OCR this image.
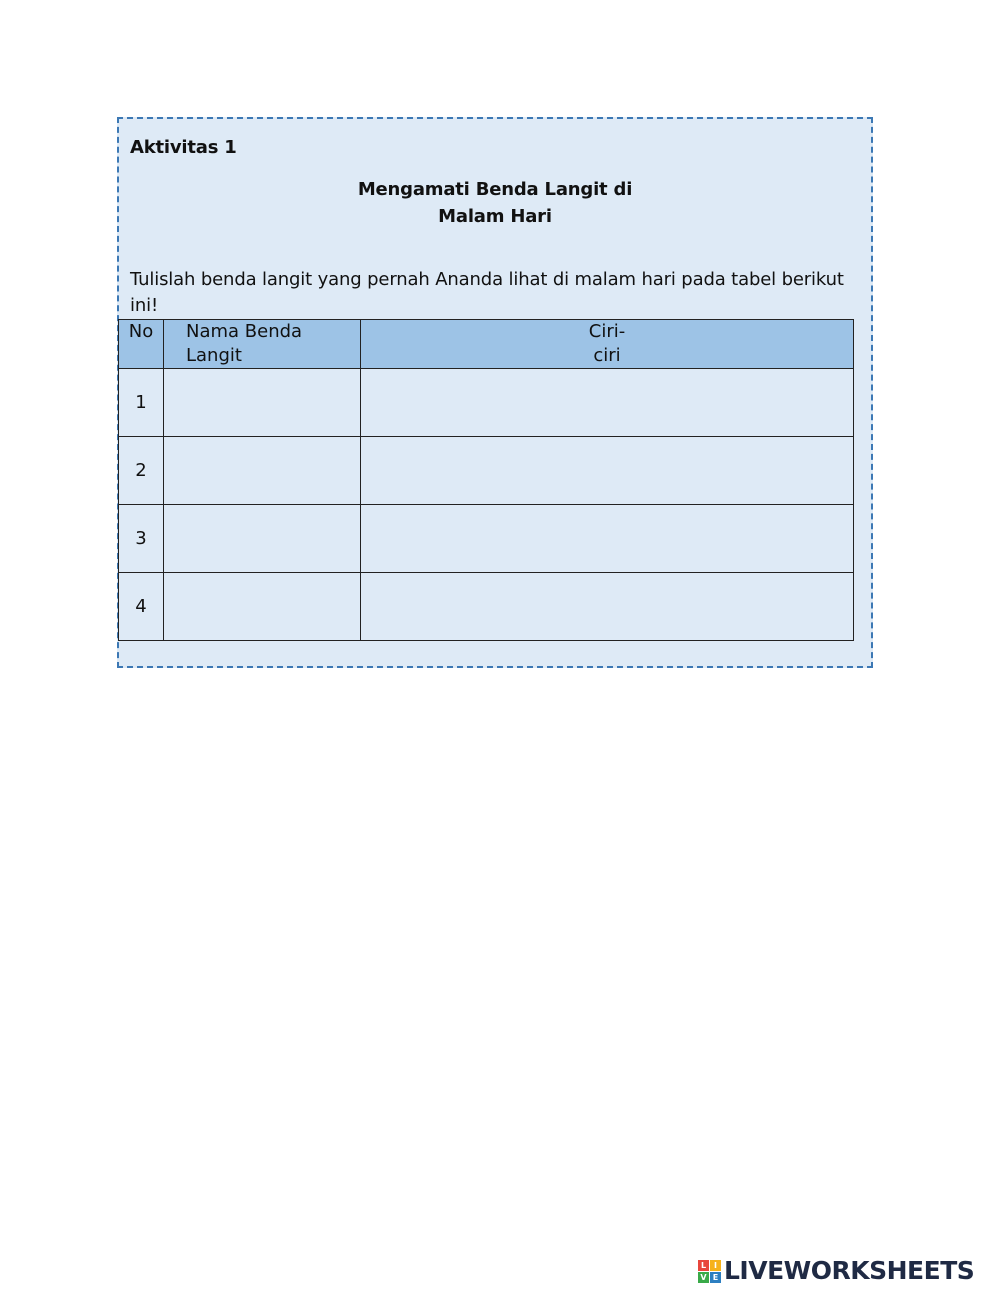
Aktivitas 1
Mengamati Benda Langit di
Malam Hari
Tulislah benda langit yang pernah Ananda lihat di malam hari pada tabel berikut ini!
No	Nama Benda Langit	Ciri-
ciri

1		
2		
3		
4		
L I
V E LIVEWORKSHEETS
